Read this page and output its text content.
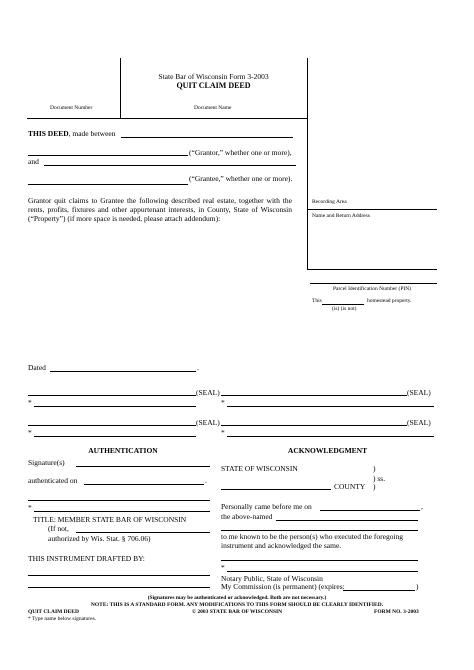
State Bar of Wisconsin Form 3-2003
QUIT CLAIM DEED
Document Number	Document Name
THIS DEED, made between
(“Grantor,” whether one or more),
and
(“Grantee,” whether one or more).
Grantor quit claims to Grantee the following described real estate, together with the rents, profits, fixtures and other appurtenant interests, in County, State of Wisconsin (“Property”) (if more space is needed, please attach addendum):
Recording Area
Name and Return Address
Parcel Identification Number (PIN)
This	homestead property.
(is) (is not)
Dated	.
(SEAL)	(SEAL)
*	*
(SEAL)	(SEAL)
*	*
AUTHENTICATION
Signature(s)
authenticated on	.
*
TITLE: MEMBER STATE BAR OF WISCONSIN
(If not,
authorized by Wis. Stat. § 706.06)
THIS INSTRUMENT DRAFTED BY:
ACKNOWLEDGMENT
STATE OF WISCONSIN	)
) ss.
COUNTY )
Personally came before me on	,
the above-named
to me known to be the person(s) who executed the foregoing instrument and acknowledged the same.
*
Notary Public, State of Wisconsin
My Commission (is permanent) (expires:	)
(Signatures may be authenticated or acknowledged. Both are not necessary.)
NOTE: THIS IS A STANDARD FORM. ANY MODIFICATIONS TO THIS FORM SHOULD BE CLEARLY IDENTIFIED.
QUIT CLAIM DEED	© 2003 STATE BAR OF WISCONSIN	FORM NO. 3-2003
* Type name below signatures.
